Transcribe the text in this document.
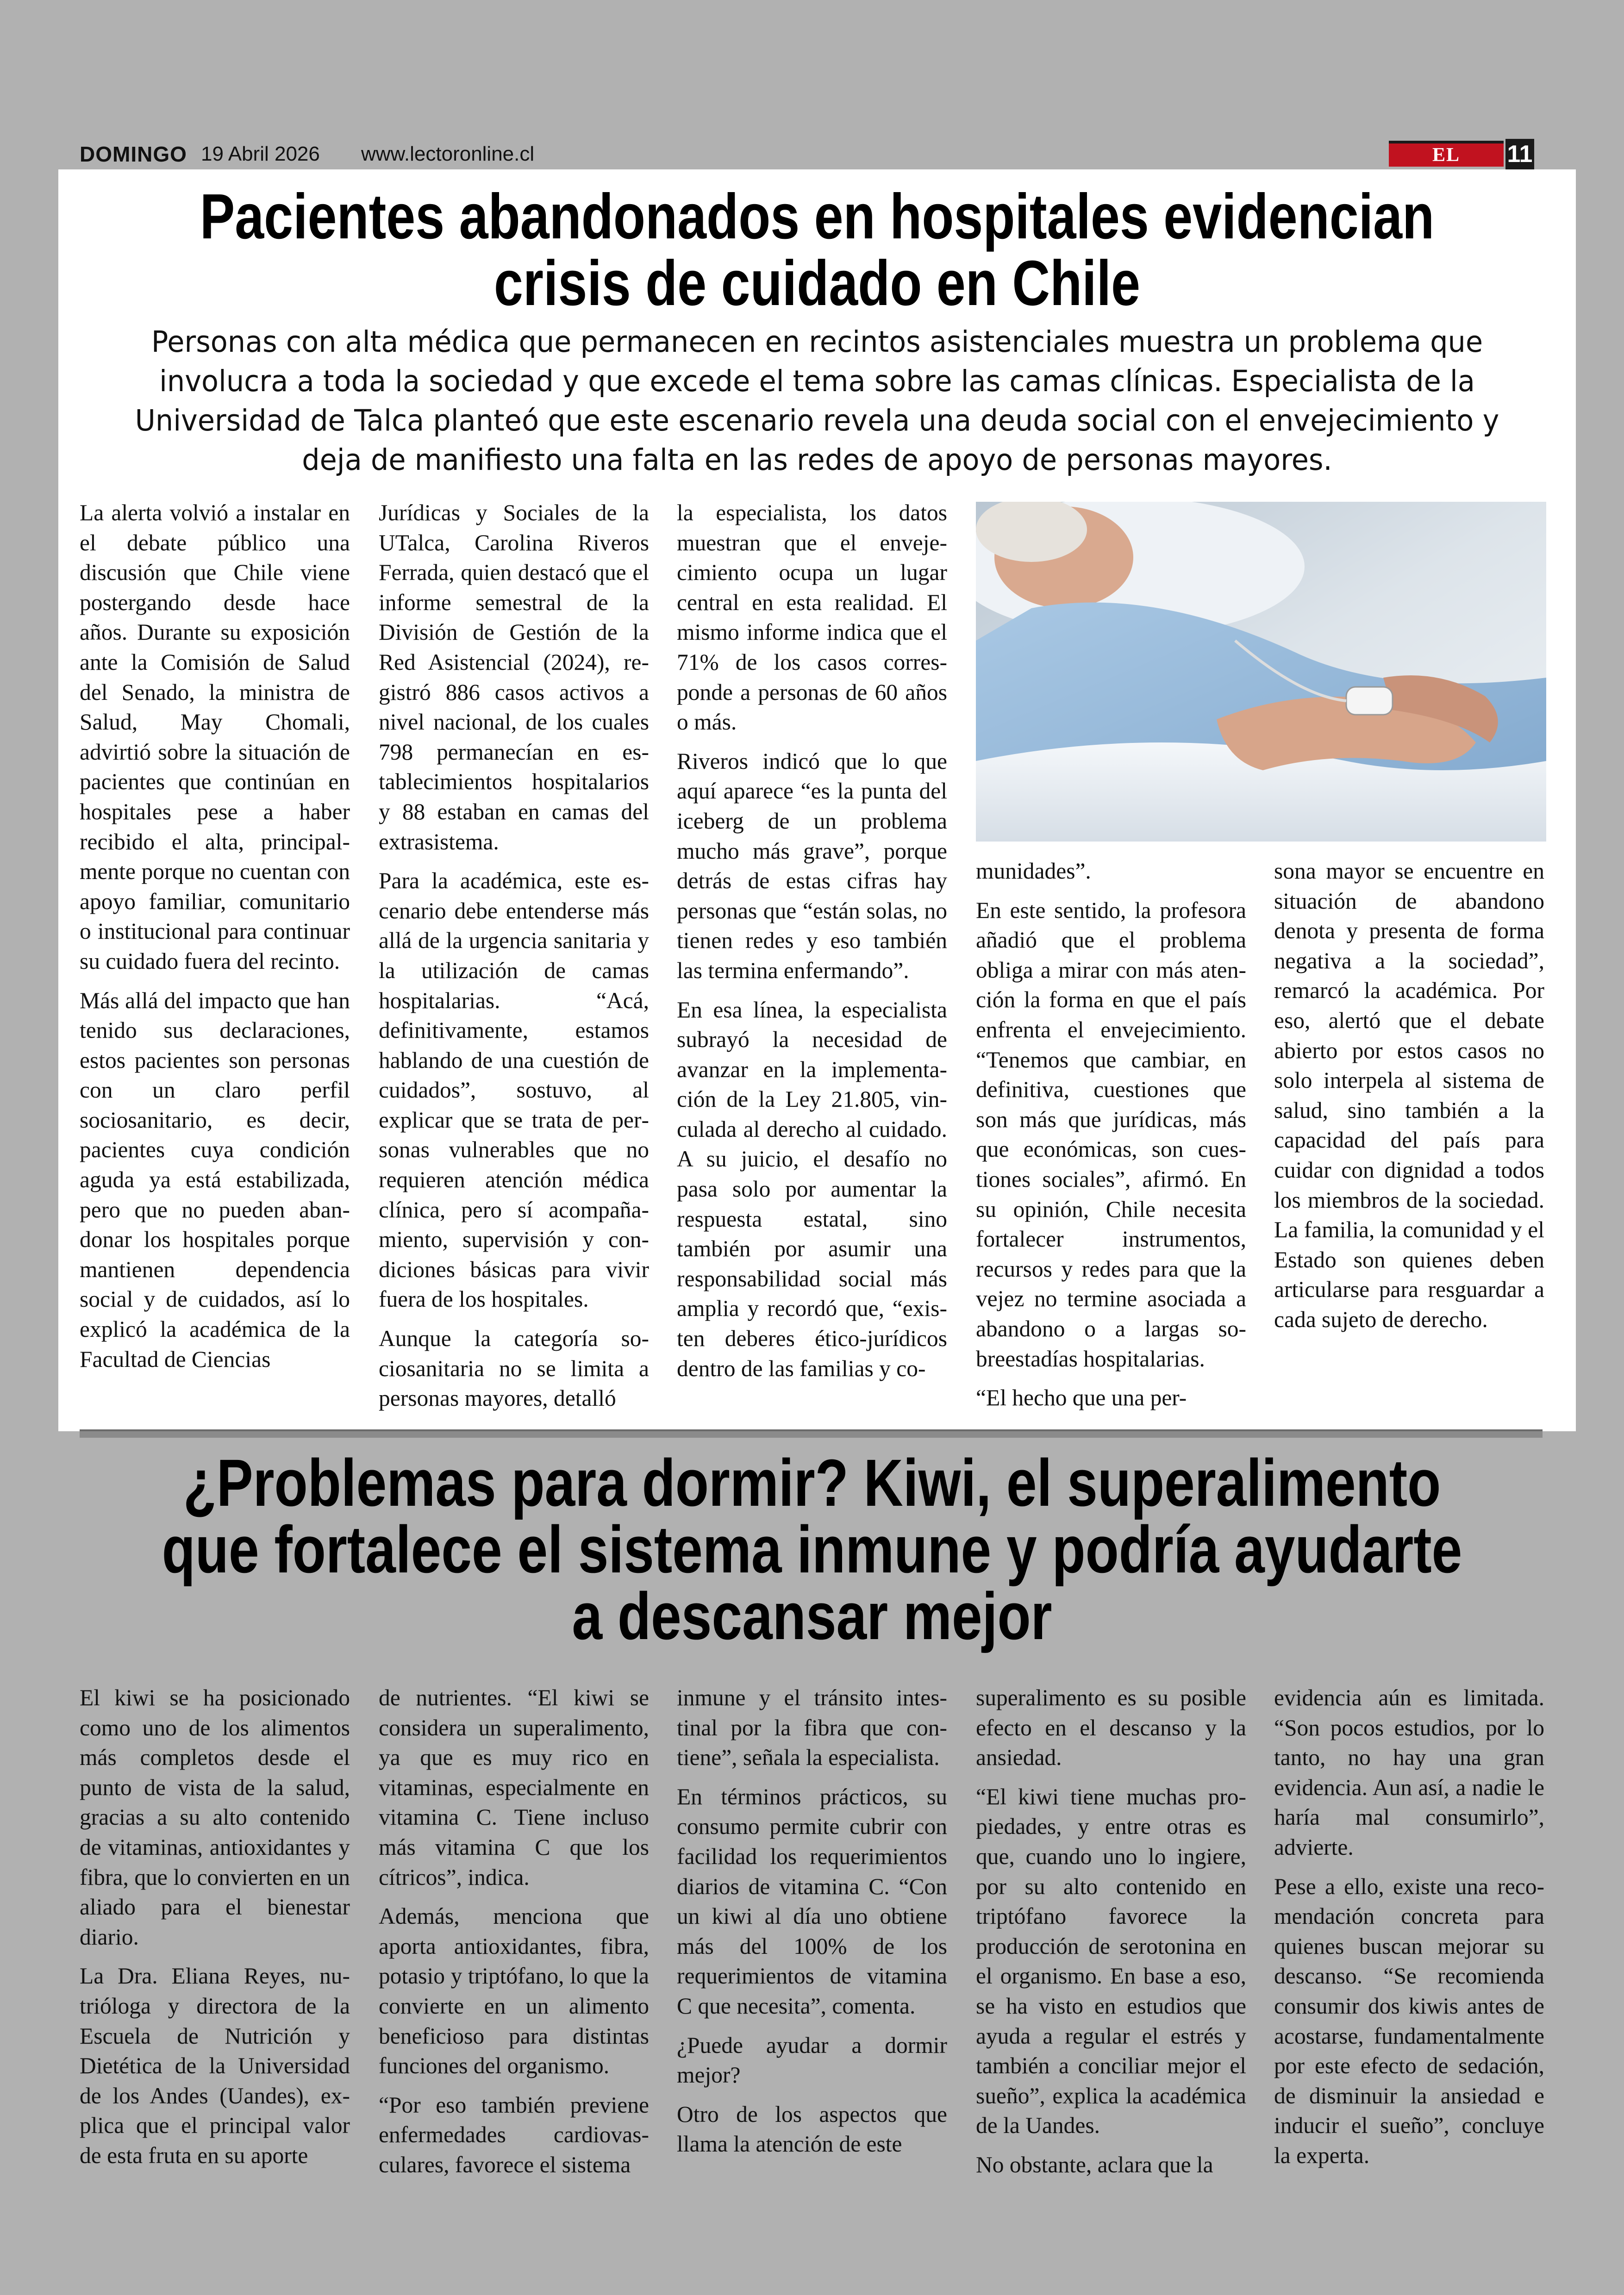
DOMINGO 19 Abril 2026 www.lectoronline.cl	EL	11
Pacientes abandonados en hospitales evidencian
crisis de cuidado en Chile
Personas con alta médica que permanecen en recintos asistenciales muestra un problema que involucra a toda la sociedad y que excede el tema sobre las camas clínicas. Especialista de la Universidad de Talca planteó que este escenario revela una deuda social con el envejecimiento y deja de manifiesto una falta en las redes de apoyo de personas mayores.

La alerta volvió a instalar en el debate público una discusión que Chile viene postergando desde hace años. Durante su exposición ante la Comisión de Salud del Senado, la ministra de Salud, May Chomali, advirtió sobre la situación de pacientes que continúan en hospitales pese a haber recibido el alta, principalmente porque no cuentan con apoyo familiar, comunitario o institucional para continuar su cuidado fuera del recinto.

Más allá del impacto que han tenido sus declaraciones, estos pacientes son personas con un claro perfil sociosanitario, es decir, pacientes cuya condición aguda ya está estabilizada, pero que no pueden abandonar los hospitales porque mantienen dependencia social y de cuidados, así lo explicó la académica de la Facultad de Ciencias

Jurídicas y Sociales de la UTalca, Carolina Riveros Ferrada, quien destacó que el informe semestral de la División de Gestión de la Red Asistencial (2024), registró 886 casos activos a nivel nacional, de los cuales 798 permanecían en establecimientos hospitalarios y 88 estaban en camas del extrasistema.

Para la académica, este escenario debe entenderse más allá de la urgencia sanitaria y la utilización de camas hospitalarias. “Acá, definitivamente, estamos hablando de una cuestión de cuidados”, sostuvo, al explicar que se trata de personas vulnerables que no requieren atención médica clínica, pero sí acompañamiento, supervisión y condiciones básicas para vivir fuera de los hospitales.

Aunque la categoría sociosanitaria no se limita a personas mayores, detalló

la especialista, los datos muestran que el envejecimiento ocupa un lugar central en esta realidad. El mismo informe indica que el 71% de los casos corresponde a personas de 60 años o más.

Riveros indicó que lo que aquí aparece “es la punta del iceberg de un problema mucho más grave”, porque detrás de estas cifras hay personas que “están solas, no tienen redes y eso también las termina enfermando”.

En esa línea, la especialista subrayó la necesidad de avanzar en la implementación de la Ley 21.805, vinculada al derecho al cuidado. A su juicio, el desafío no pasa solo por aumentar la respuesta estatal, sino también por asumir una responsabilidad social más amplia y recordó que, “existen deberes ético-jurídicos dentro de las familias y co-

munidades”.

En este sentido, la profesora añadió que el problema obliga a mirar con más atención la forma en que el país enfrenta el envejecimiento. “Tenemos que cambiar, en definitiva, cuestiones que son más que jurídicas, más que económicas, son cuestiones sociales”, afirmó. En su opinión, Chile necesita fortalecer instrumentos, recursos y redes para que la vejez no termine asociada a abandono o a largas sobreestadías hospitalarias.

“El hecho que una per-

sona mayor se encuentre en situación de abandono denota y presenta de forma negativa a la sociedad”, remarcó la académica. Por eso, alertó que el debate abierto por estos casos no solo interpela al sistema de salud, sino también a la capacidad del país para cuidar con dignidad a todos los miembros de la sociedad. La familia, la comunidad y el Estado son quienes deben articularse para resguardar a cada sujeto de derecho.

¿Problemas para dormir? Kiwi, el superalimento que fortalece el sistema inmune y podría ayudarte a descansar mejor

El kiwi se ha posicionado como uno de los alimentos más completos desde el punto de vista de la salud, gracias a su alto contenido de vitaminas, antioxidantes y fibra, que lo convierten en un aliado para el bienestar diario.

La Dra. Eliana Reyes, nutrióloga y directora de la Escuela de Nutrición y Dietética de la Universidad de los Andes (Uandes), explica que el principal valor de esta fruta en su aporte

de nutrientes. “El kiwi se considera un superalimento, ya que es muy rico en vitaminas, especialmente en vitamina C. Tiene incluso más vitamina C que los cítricos”, indica.

Además, menciona que aporta antioxidantes, fibra, potasio y triptófano, lo que la convierte en un alimento beneficioso para distintas funciones del organismo.

“Por eso también previene enfermedades cardiovasculares, favorece el sistema

inmune y el tránsito intestinal por la fibra que contiene”, señala la especialista.

En términos prácticos, su consumo permite cubrir con facilidad los requerimientos diarios de vitamina C. “Con un kiwi al día uno obtiene más del 100% de los requerimientos de vitamina C que necesita”, comenta.

¿Puede ayudar a dormir mejor?

Otro de los aspectos que llama la atención de este

superalimento es su posible efecto en el descanso y la ansiedad.

“El kiwi tiene muchas propiedades, y entre otras es que, cuando uno lo ingiere, por su alto contenido en triptófano favorece la producción de serotonina en el organismo. En base a eso, se ha visto en estudios que ayuda a regular el estrés y también a conciliar mejor el sueño”, explica la académica de la Uandes.

No obstante, aclara que la

evidencia aún es limitada. “Son pocos estudios, por lo tanto, no hay una gran evidencia. Aun así, a nadie le haría mal consumirlo”, advierte.

Pese a ello, existe una recomendación concreta para quienes buscan mejorar su descanso. “Se recomienda consumir dos kiwis antes de acostarse, fundamentalmente por este efecto de sedación, de disminuir la ansiedad e inducir el sueño”, concluye la experta.
